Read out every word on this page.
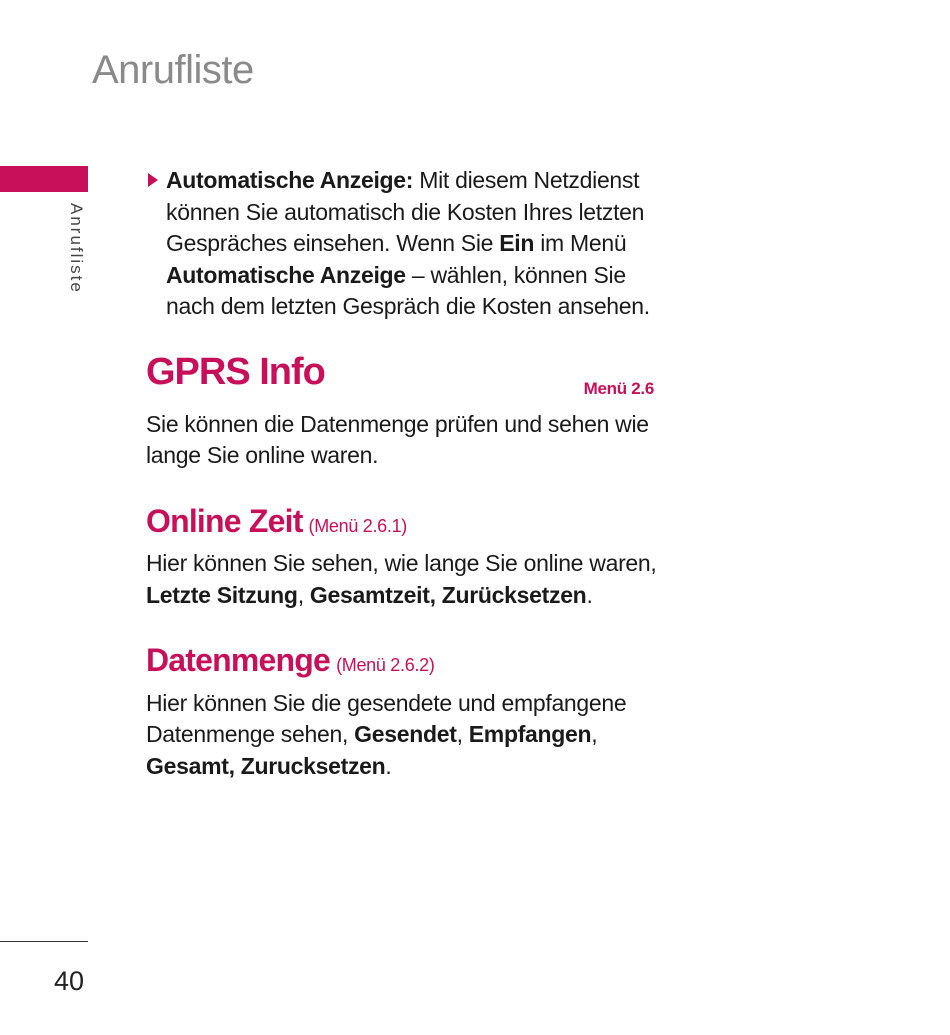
Anrufliste
Anrufliste
40
Automatische Anzeige: Mit diesem Netzdienst können Sie automatisch die Kosten Ihres letzten Gespräches einsehen. Wenn Sie Ein im Menü Automatische Anzeige – wählen, können Sie nach dem letzten Gespräch die Kosten ansehen.
GPRS Info	Menü 2.6
Sie können die Datenmenge prüfen und sehen wie lange Sie online waren.
Online Zeit (Menü 2.6.1)
Hier können Sie sehen, wie lange Sie online waren, Letzte Sitzung, Gesamtzeit, Zurücksetzen.
Datenmenge (Menü 2.6.2)
Hier können Sie die gesendete und empfangene Datenmenge sehen, Gesendet, Empfangen, Gesamt, Zurucksetzen.
